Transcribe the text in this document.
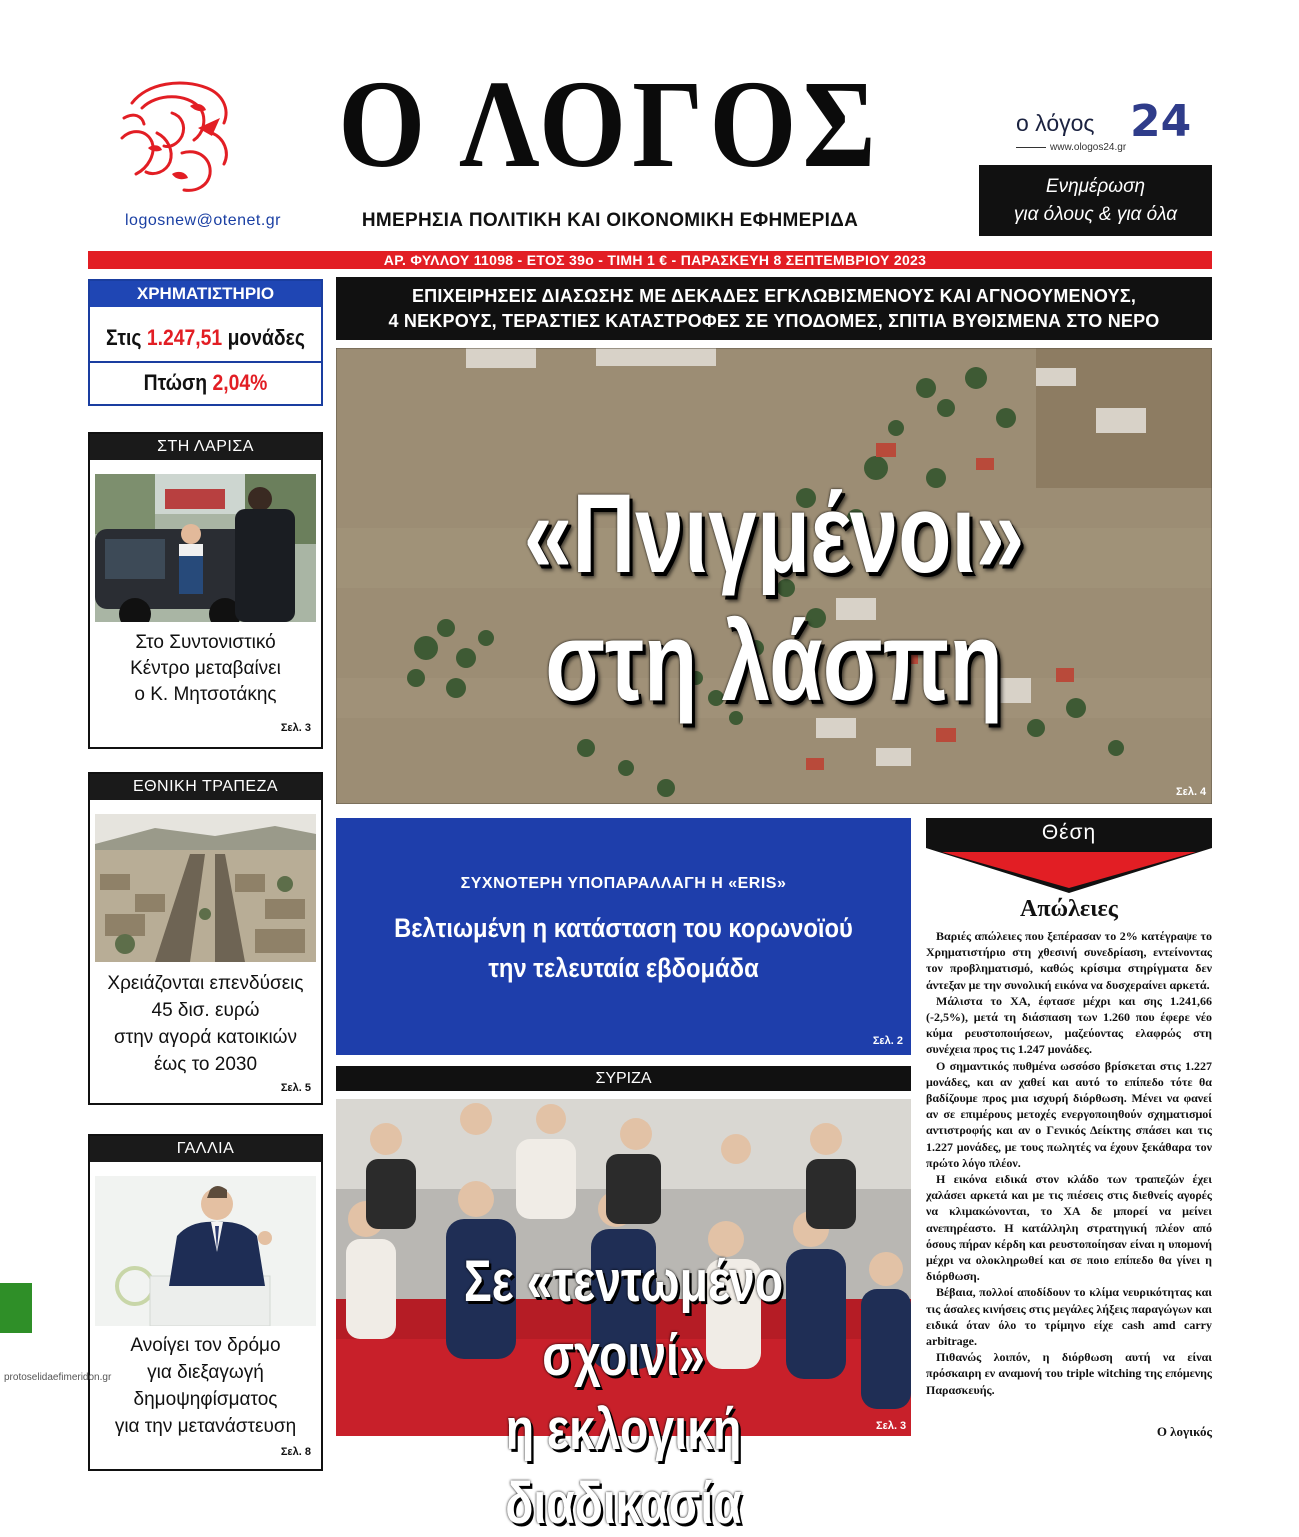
logosnew@otenet.gr
Ο ΛΟΓΟΣ
ΗΜΕΡΗΣΙΑ ΠΟΛΙΤΙΚΗ ΚΑΙ ΟΙΚΟΝΟΜΙΚΗ ΕΦΗΜΕΡΙΔΑ
ο λόγος 24
www.ologos24.gr
Ενημέρωση
για όλους & για όλα
ΑΡ. ΦΥΛΛΟΥ 11098 - ΕΤΟΣ 39ο - ΤΙΜΗ 1 € - ΠΑΡΑΣΚΕΥΗ 8 ΣΕΠΤΕΜΒΡΙΟΥ 2023
ΧΡΗΜΑΤΙΣΤΗΡΙΟ
Στις 1.247,51 μονάδες
Πτώση 2,04%
ΣΤΗ ΛΑΡΙΣΑ
Στο Συντονιστικό
Κέντρο μεταβαίνει
ο Κ. Μητσοτάκης
Σελ. 3
ΕΘΝΙΚΗ ΤΡΑΠΕΖΑ
Χρειάζονται επενδύσεις
45 δισ. ευρώ
στην αγορά κατοικιών
έως το 2030
Σελ. 5
ΓΑΛΛΙΑ
Ανοίγει τον δρόμο
για διεξαγωγή
δημοψηφίσματος
για την μετανάστευση
Σελ. 8
protoselidaefimeridon.gr
ΕΠΙΧΕΙΡΗΣΕΙΣ ΔΙΑΣΩΣΗΣ ΜΕ ΔΕΚΑΔΕΣ ΕΓΚΛΩΒΙΣΜΕΝΟΥΣ ΚΑΙ ΑΓΝΟΟΥΜΕΝΟΥΣ,
4 ΝΕΚΡΟΥΣ, ΤΕΡΑΣΤΙΕΣ ΚΑΤΑΣΤΡΟΦΕΣ ΣΕ ΥΠΟΔΟΜΕΣ, ΣΠΙΤΙΑ ΒΥΘΙΣΜΕΝΑ ΣΤΟ ΝΕΡΟ
«Πνιγμένοι»
στη λάσπη
Σελ. 4
ΣΥΧΝΟΤΕΡΗ ΥΠΟΠΑΡΑΛΛΑΓΗ Η «ERIS»
Βελτιωμένη η κατάσταση του κορωνοϊού
την τελευταία εβδομάδα
Σελ. 2
ΣΥΡΙΖΑ
Σε «τεντωμένο σχοινί»
η εκλογική διαδικασία
Σελ. 3
Θέση
Απώλειες

Βαριές απώλειες που ξεπέρασαν το 2% κατέγραψε το Χρηματιστήριο στη χθεσινή συνεδρίαση, εντείνοντας τον προβληματισμό, καθώς κρίσιμα στηρίγματα δεν άντεξαν με την συνολική εικόνα να δυσχεραίνει αρκετά.

Μάλιστα το ΧΑ, έφτασε μέχρι και σης 1.241,66 (-2,5%), μετά τη διάσπαση των 1.260 που έφερε νέο κύμα ρευστοποιήσεων, μαζεύοντας ελαφρώς στη συνέχεια προς τις 1.247 μονάδες.

Ο σημαντικός πυθμένα ωσσόσο βρίσκεται στις 1.227 μονάδες, και αν χαθεί και αυτό το επίπεδο τότε θα βαδίζουμε προς μια ισχυρή διόρθωση. Μένει να φανεί αν σε επιμέρους μετοχές ενεργοποιηθούν σχηματισμοί αντιστροφής και αν ο Γενικός Δείκτης σπάσει και τις 1.227 μονάδες, με τους πωλητές να έχουν ξεκάθαρα τον πρώτο λόγο πλέον.

Η εικόνα ειδικά στον κλάδο των τραπεζών έχει χαλάσει αρκετά και με τις πιέσεις στις διεθνείς αγορές να κλιμακώνονται, το ΧΑ δε μπορεί να μείνει ανεπηρέαστο. Η κατάλληλη στρατηγική πλέον από όσους πήραν κέρδη και ρευστοποίησαν είναι η υπομονή μέχρι να ολοκληρωθεί και σε ποιο επίπεδο θα γίνει η διόρθωση.

Βέβαια, πολλοί αποδίδουν το κλίμα νευρικότητας και τις άσαλες κινήσεις στις μεγάλες λήξεις παραγώγων και ειδικά όταν όλο το τρίμηνο είχε cash amd carry arbitrage.

Πιθανώς λοιπόν, η διόρθωση αυτή να είναι πρόσκαιρη εν αναμονή του triple witching της επόμενης Παρασκευής.

Ο λογικός
